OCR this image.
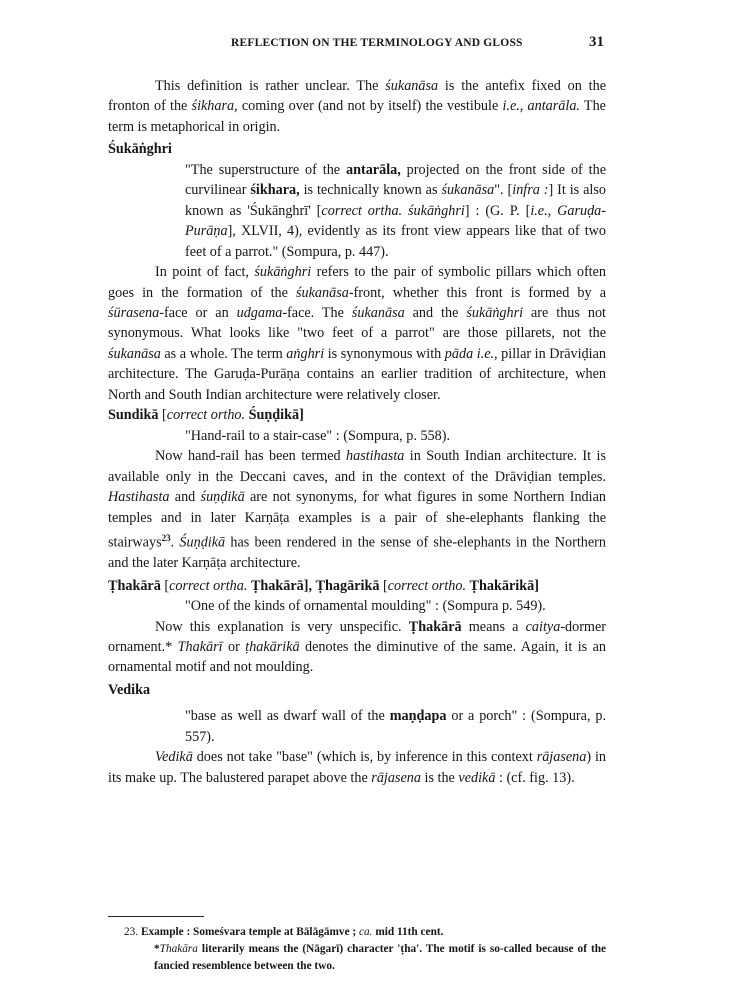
REFLECTION ON THE TERMINOLOGY AND GLOSS	31

This definition is rather unclear. The śukanāsa is the antefix fixed on the fronton of the śikhara, coming over (and not by itself) the vestibule i.e., antarāla. The term is metaphorical in origin.

Śukāṅghri

"The superstructure of the antarāla, projected on the front side of the curvilinear śikhara, is technically known as śukanāsa". [infra :] It is also known as 'Śukānghrī' [correct ortha. śukāṅghri] : (G. P. [i.e., Garuḍa-Purāṇa], XLVII, 4), evidently as its front view appears like that of two feet of a parrot." (Sompura, p. 447).

In point of fact, śukāṅghri refers to the pair of symbolic pillars which often goes in the formation of the śukanāsa-front, whether this front is formed by a śūrasena-face or an udgama-face. The śukanāsa and the śukāṅghri are thus not synonymous. What looks like "two feet of a parrot" are those pillarets, not the śukanāsa as a whole. The term aṅghri is synonymous with pāda i.e., pillar in Drāviḍian architecture. The Garuḍa-Purāṇa contains an earlier tradition of architecture, when North and South Indian architecture were relatively closer.

Sundikā [correct ortho. Śuṇḍikā]

"Hand-rail to a stair-case" : (Sompura, p. 558).

Now hand-rail has been termed hastihasta in South Indian architecture. It is available only in the Deccani caves, and in the context of the Drāviḍian temples. Hastihasta and śuṇḍikā are not synonyms, for what figures in some Northern Indian temples and in later Karṇāṭa examples is a pair of she-elephants flanking the stairways$^{23}$. Śuṇḍikā has been rendered in the sense of she-elephants in the Northern and the later Karṇāṭa architecture.

Ṭhakārā [correct ortha. Ṭhakārā], Ṭhagārikā [correct ortho. Ṭhakārikā]

"One of the kinds of ornamental moulding" : (Sompura p. 549).

Now this explanation is very unspecific. Ṭhakārā means a caitya-dormer ornament.* Thakārī or ṭhakārikā denotes the diminutive of the same. Again, it is an ornamental motif and not moulding.

Vedika

"base as well as dwarf wall of the maṇḍapa or a porch" : (Sompura, p. 557).

Vedikā does not take "base" (which is, by inference in this context rājasena) in its make up. The balustered parapet above the rājasena is the vedikā : (cf. fig. 13).

23. Example : Someśvara temple at Bālāgāmve ; ca. mid 11th cent.

*Thakāra literarily means the (Nāgarī) character 'ṭha'. The motif is so-called because of the fancied resemblence between the two.
